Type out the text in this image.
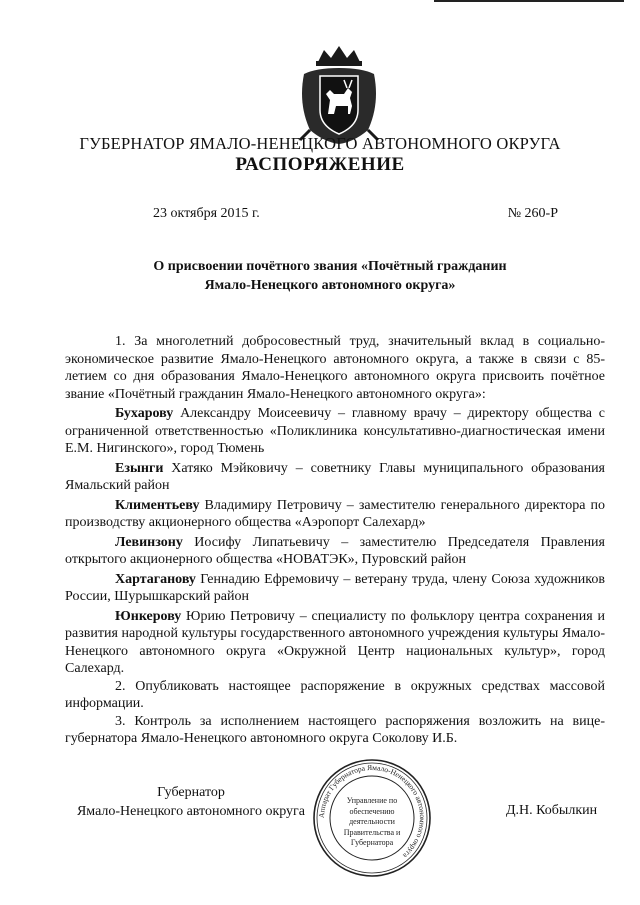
ГУБЕРНАТОР ЯМАЛО-НЕНЕЦКОГО АВТОНОМНОГО ОКРУГА
РАСПОРЯЖЕНИЕ
23 октября 2015 г.	№ 260-Р
О присвоении почётного звания «Почётный гражданин
Ямало-Ненецкого автономного округа»

1. За многолетний добросовестный труд, значительный вклад в социально-экономическое развитие Ямало-Ненецкого автономного округа, а также в связи с 85-летием со дня образования Ямало-Ненецкого автономного округа присвоить почётное звание «Почётный гражданин Ямало-Ненецкого автономного округа»:

Бухарову Александру Моисеевичу – главному врачу – директору общества с ограниченной ответственностью «Поликлиника консультативно-диагностическая имени Е.М. Нигинского», город Тюмень

Езынги Хатяко Мэйковичу – советнику Главы муниципального образования Ямальский район

Климентьеву Владимиру Петровичу – заместителю генерального директора по производству акционерного общества «Аэропорт Салехард»

Левинзону Иосифу Липатьевичу – заместителю Председателя Правления открытого акционерного общества «НОВАТЭК», Пуровский район

Хартаганову Геннадию Ефремовичу – ветерану труда, члену Союза художников России, Шурышкарский район

Юнкерову Юрию Петровичу – специалисту по фольклору центра сохранения и развития народной культуры государственного автономного учреждения культуры Ямало-Ненецкого автономного округа «Окружной Центр национальных культур», город Салехард.

2. Опубликовать настоящее распоряжение в окружных средствах массовой информации.

3. Контроль за исполнением настоящего распоряжения возложить на вице-губернатора Ямало-Ненецкого автономного округа Соколову И.Б.

Губернатор
Ямало-Ненецкого автономного округа	Аппарат Губернатора Ямало-Ненецкого автономного округа
Управление по обеспечению деятельности Правительства и Губернатора
Д.Н. Кобылкин
